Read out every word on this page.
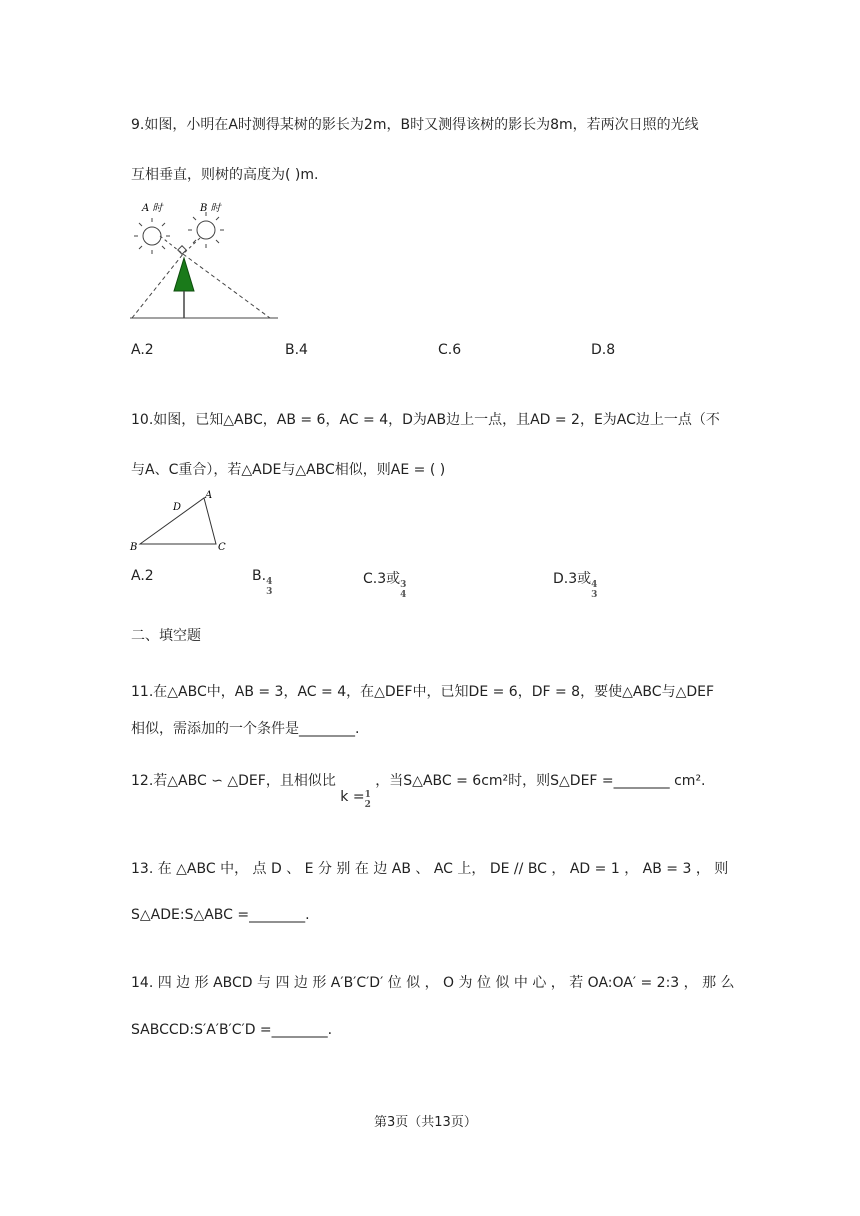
9.如图，小明在A时测得某树的影长为2m，B时又测得该树的影长为8m，若两次日照的光线
互相垂直，则树的高度为( )m.
A 时	B 时
A.2	B.4	C.6	D.8
10.如图，已知△ABC，AB = 6，AC = 4，D为AB边上一点，且AD = 2，E为AC边上一点（不
与A、C重合），若△ADE与△ABC相似，则AE = ( )
A
B	C
D
A.2	B. 4
3
C.3或 3
4
D.3或 4
3
二、填空题
11.在△ABC中，AB = 3，AC = 4，在△DEF中，已知DE = 6，DF = 8，要使△ABC与△DEF
相似，需添加的一个条件是________.
12.若△ABC ∽ △DEF，且相似比 k = 1
2
，当S△ABC = 6cm²时，则S△DEF =________ cm².
13. 在 △ABC 中， 点 D 、 E 分 别 在 边 AB 、 AC 上， DE // BC ， AD = 1 ， AB = 3 ， 则
S△ADE:S△ABC =________.
14. 四 边 形 ABCD 与 四 边 形 A′B′C′D′ 位 似 ， O 为 位 似 中 心 ， 若 OA:OA′ = 2:3 ， 那 么
SABCCD:S′A′B′C′D =________.
第3页（共13页）
